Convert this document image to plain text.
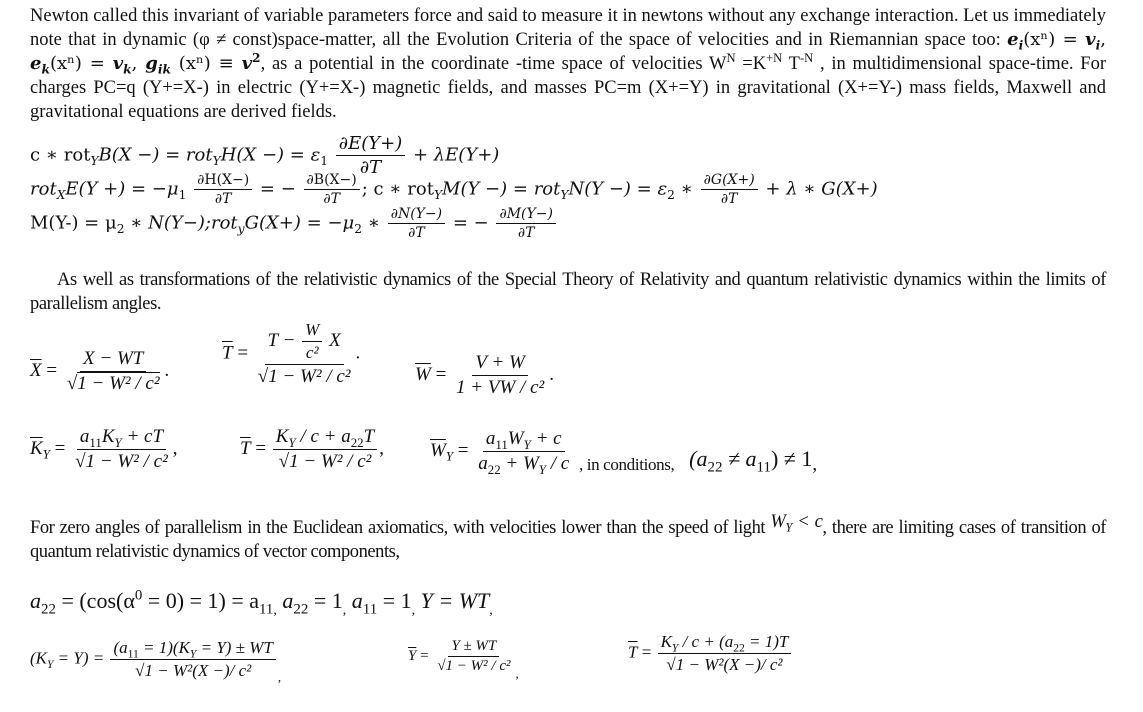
Newton called this invariant of variable parameters force and said to measure it in newtons without any exchange interaction. Let us immediately note that in dynamic (φ ≠ const)space-matter, all the Evolution Criteria of the space of velocities and in Riemannian space too: $e_i(x^n) = v_i$, $e_k(x^n) = v_k$, $g_{ik}$ $(x^n) \equiv v^2$, as a potential in the coordinate -time space of velocities $W^N =K^{+N}$ $T^{-N}$ , in multidimensional space-time. For charges PC=q (Y+=X-) in electric (Y+=X-) magnetic fields, and masses PC=m (X+=Y) in gravitational (X+=Y-) mass fields, Maxwell and gravitational equations are derived fields.
c ∗ rot$_Y$B(X −) = rot$_Y$H(X −) = $\varepsilon_1 \frac{\partial E(Y+)}{\partial T} + \lambda E(Y+)$
rot$_X$E(Y +) = $-\mu_1 \frac{\partial H(X-)}{\partial T}$ = − $\frac{\partial B(X-)}{\partial T}$ ; c ∗ rot$_Y$M(Y −) = rot$_Y$N(Y −) = $\varepsilon_2$ ∗ $\frac{\partial G(X+)}{\partial T} + \lambda$ ∗ G(X+)
$M(Y-) = \mu_2$ ∗ N(Y−);rot$_y$G(X+) = $-\mu_2$ ∗ $\frac{\partial N(Y-)}{\partial T}$ = − $\frac{\partial M(Y-)}{\partial T}$
As well as transformations of the relativistic dynamics of the Special Theory of Relativity and quantum relativistic dynamics within the limits of parallelism angles.
$\overline{X} = \frac{X - WT}{\text{√1 − W² / c²}}$ .
$\overline{T} = \frac{T - \frac{W}{\text{c²}} X}{\text{√1 − W² / c²}}$ .
$\overline{W} = \frac{V + W}{\text{1 + VW / c²}}$ .
$\overline{K}_Y = \frac{a_{11}K_Y + cT}{\text{√1 − W² / c²}}$ ,	$\overline{T} = \frac{K_Y / c + a_{22}T}{\text{√1 − W² / c²}}$ , $\overline{W}_Y = \frac{a_{11}W_Y + c}{a_{22} + W_Y / c}$ , in conditions, $(a_{22} \ne a_{11}) \ne 1$,
For zero angles of parallelism in the Euclidean axiomatics, with velocities lower than the speed of light $W_Y < c$, there are limiting cases of transition of quantum relativistic dynamics of vector components,
$a_{22} = (\cos(\alpha^0 = 0) = 1) = a_{11,}$ $a_{22} = 1_,$ $a_{11} = 1_,$ $Y = WT_,$
$(K_Y = Y) = \frac{(a_{11} = 1)(K_Y = Y) \pm WT}{\text{√1 − W²(X −)/ c²}} _,$
$\overline{Y} = \frac{Y \pm WT}{\text{√1 − W² / c²}}$ ,
$\overline{T} = \frac{K_Y / c + (a_{22} = 1)T}{\text{√1 − W²(X −)/ c²}}$
